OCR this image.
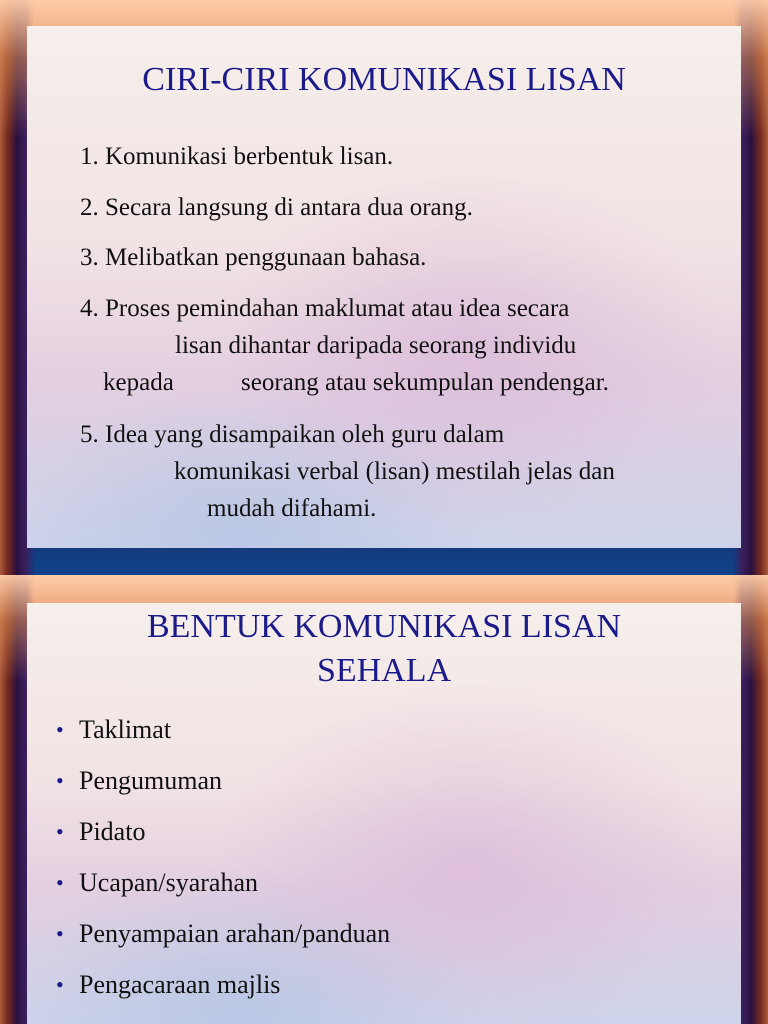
CIRI-CIRI KOMUNIKASI LISAN
1. Komunikasi berbentuk lisan.
2. Secara langsung di antara dua orang.
3. Melibatkan penggunaan bahasa.
4. Proses pemindahan maklumat atau idea secara
lisan dihantar daripada seorang individu
kepada	seorang atau sekumpulan pendengar.
5. Idea yang disampaikan oleh guru dalam
komunikasi verbal (lisan) mestilah jelas dan
mudah difahami.
BENTUK KOMUNIKASI LISAN
SEHALA
• Taklimat
• Pengumuman
• Pidato
• Ucapan/syarahan
• Penyampaian arahan/panduan
• Pengacaraan majlis
